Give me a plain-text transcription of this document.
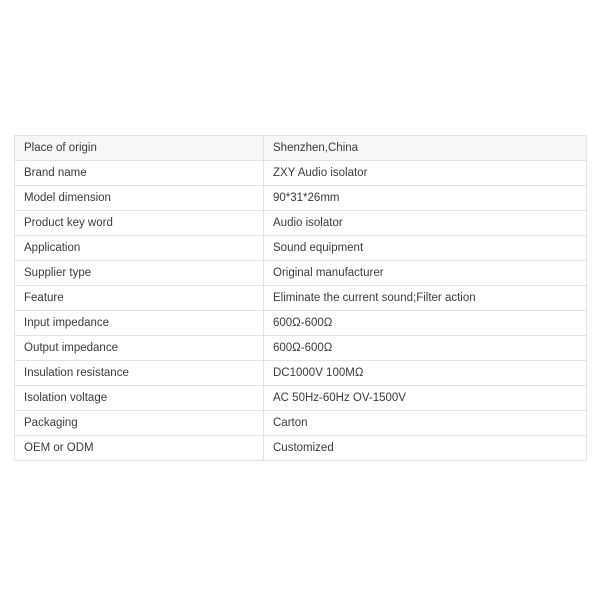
Place of origin	Shenzhen,China
Brand name	ZXY Audio isolator
Model dimension	90*31*26mm
Product key word	Audio isolator
Application	Sound equipment
Supplier type	Original manufacturer
Feature	Eliminate the current sound;Filter action
Input impedance	600Ω-600Ω
Output impedance	600Ω-600Ω
Insulation resistance	DC1000V 100MΩ
Isolation voltage	AC 50Hz-60Hz OV-1500V
Packaging	Carton
OEM or ODM	Customized
